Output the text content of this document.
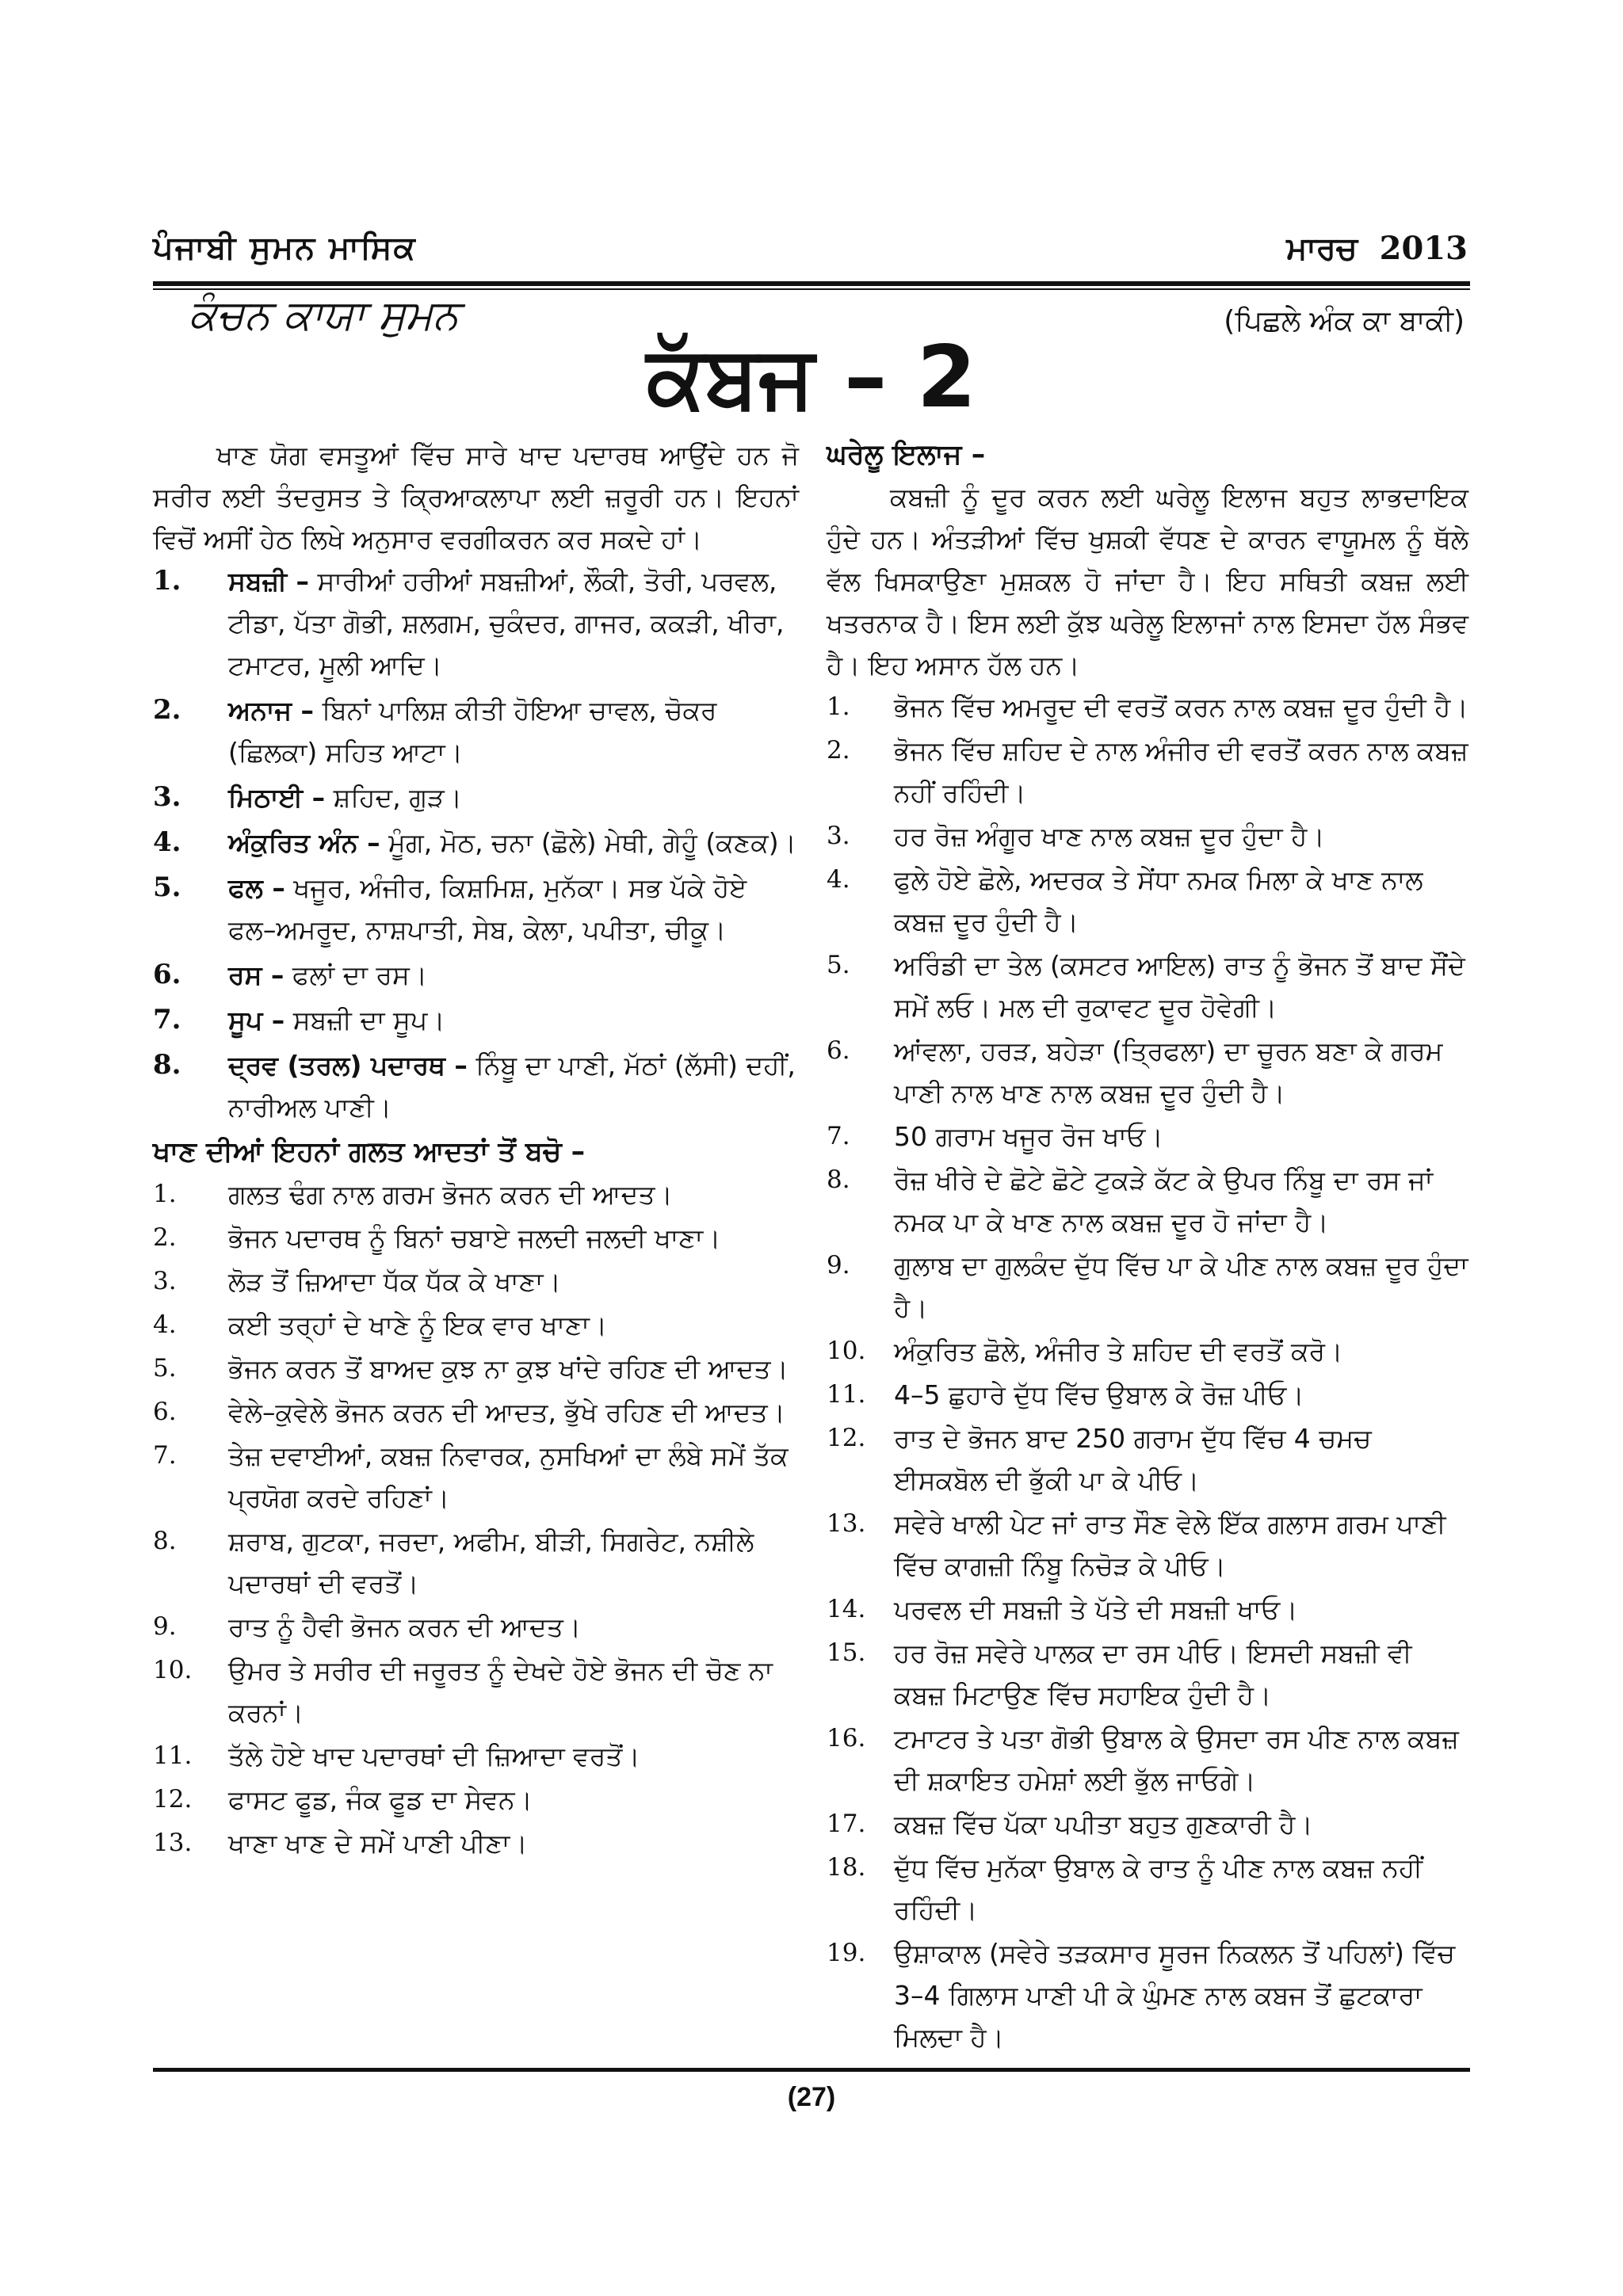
ਪੰਜਾਬੀ ਸੁਮਨ ਮਾਸਿਕ	ਮਾਰਚ 2013
ਕੰਚਨ ਕਾਯਾ ਸੁਮਨ	(ਪਿਛਲੇ ਅੰਕ ਕਾ ਬਾਕੀ)
ਕੱਬਜ – 2

ਖਾਣ ਯੋਗ ਵਸਤੂਆਂ ਵਿੱਚ ਸਾਰੇ ਖਾਦ ਪਦਾਰਥ ਆਉਂਦੇ ਹਨ ਜੋ ਸਰੀਰ ਲਈ ਤੰਦਰੁਸਤ ਤੇ ਕ੍ਰਿਆਕਲਾਪਾ ਲਈ ਜ਼ਰੂਰੀ ਹਨ। ਇਹਨਾਂ ਵਿਚੋਂ ਅਸੀਂ ਹੇਠ ਲਿਖੇ ਅਨੁਸਾਰ ਵਰਗੀਕਰਨ ਕਰ ਸਕਦੇ ਹਾਂ।

1. ਸਬਜ਼ੀ – ਸਾਰੀਆਂ ਹਰੀਆਂ ਸਬਜ਼ੀਆਂ, ਲੌਕੀ, ਤੋਰੀ, ਪਰਵਲ, ਟੀਡਾ, ਪੱਤਾ ਗੋਭੀ, ਸ਼ਲਗਮ, ਚੁਕੰਦਰ, ਗਾਜਰ, ਕਕੜੀ, ਖੀਰਾ, ਟਮਾਟਰ, ਮੂਲੀ ਆਦਿ।
2. ਅਨਾਜ – ਬਿਨਾਂ ਪਾਲਿਸ਼ ਕੀਤੀ ਹੋਇਆ ਚਾਵਲ, ਚੋਕਰ (ਛਿਲਕਾ) ਸਹਿਤ ਆਟਾ।
3. ਮਿਠਾਈ – ਸ਼ਹਿਦ, ਗੁੜ।
4. ਅੰਕੁਰਿਤ ਅੰਨ – ਮੂੰਗ, ਮੋਠ, ਚਨਾ (ਛੋਲੇ) ਮੇਥੀ, ਗੇਹੂੰ (ਕਣਕ)।
5. ਫਲ – ਖਜੂਰ, ਅੰਜੀਰ, ਕਿਸ਼ਮਿਸ਼, ਮੁਨੱਕਾ। ਸਭ ਪੱਕੇ ਹੋਏ ਫਲ–ਅਮਰੂਦ, ਨਾਸ਼ਪਾਤੀ, ਸੇਬ, ਕੇਲਾ, ਪਪੀਤਾ, ਚੀਕੂ।
6. ਰਸ – ਫਲਾਂ ਦਾ ਰਸ।
7. ਸੂਪ – ਸਬਜ਼ੀ ਦਾ ਸੂਪ।
8. ਦ੍ਰਵ (ਤਰਲ) ਪਦਾਰਥ – ਨਿੰਬੂ ਦਾ ਪਾਣੀ, ਮੱਠਾਂ (ਲੱਸੀ) ਦਹੀਂ, ਨਾਰੀਅਲ ਪਾਣੀ।

ਖਾਣ ਦੀਆਂ ਇਹਨਾਂ ਗਲਤ ਆਦਤਾਂ ਤੋਂ ਬਚੋ –

1. ਗਲਤ ਢੰਗ ਨਾਲ ਗਰਮ ਭੋਜਨ ਕਰਨ ਦੀ ਆਦਤ।
2. ਭੋਜਨ ਪਦਾਰਥ ਨੂੰ ਬਿਨਾਂ ਚਬਾਏ ਜਲਦੀ ਜਲਦੀ ਖਾਣਾ।
3. ਲੋੜ ਤੋਂ ਜ਼ਿਆਦਾ ਧੱਕ ਧੱਕ ਕੇ ਖਾਣਾ।
4. ਕਈ ਤਰ੍ਹਾਂ ਦੇ ਖਾਣੇ ਨੂੰ ਇਕ ਵਾਰ ਖਾਣਾ।
5. ਭੋਜਨ ਕਰਨ ਤੋਂ ਬਾਅਦ ਕੁਝ ਨਾ ਕੁਝ ਖਾਂਦੇ ਰਹਿਣ ਦੀ ਆਦਤ।
6. ਵੇਲੇ–ਕੁਵੇਲੇ ਭੋਜਨ ਕਰਨ ਦੀ ਆਦਤ, ਭੁੱਖੇ ਰਹਿਣ ਦੀ ਆਦਤ।
7. ਤੇਜ਼ ਦਵਾਈਆਂ, ਕਬਜ਼ ਨਿਵਾਰਕ, ਨੁਸਖਿਆਂ ਦਾ ਲੰਬੇ ਸਮੇਂ ਤੱਕ ਪ੍ਰਯੋਗ ਕਰਦੇ ਰਹਿਣਾਂ।
8. ਸ਼ਰਾਬ, ਗੁਟਕਾ, ਜਰਦਾ, ਅਫੀਮ, ਬੀੜੀ, ਸਿਗਰੇਟ, ਨਸ਼ੀਲੇ ਪਦਾਰਥਾਂ ਦੀ ਵਰਤੋਂ।
9. ਰਾਤ ਨੂੰ ਹੈਵੀ ਭੋਜਨ ਕਰਨ ਦੀ ਆਦਤ।
10. ਉਮਰ ਤੇ ਸਰੀਰ ਦੀ ਜਰੂਰਤ ਨੂੰ ਦੇਖਦੇ ਹੋਏ ਭੋਜਨ ਦੀ ਚੋਣ ਨਾ ਕਰਨਾਂ।
11. ਤੱਲੇ ਹੋਏ ਖਾਦ ਪਦਾਰਥਾਂ ਦੀ ਜ਼ਿਆਦਾ ਵਰਤੋਂ।
12. ਫਾਸਟ ਫੂਡ, ਜੰਕ ਫੂਡ ਦਾ ਸੇਵਨ।
13. ਖਾਣਾ ਖਾਣ ਦੇ ਸਮੇਂ ਪਾਣੀ ਪੀਣਾ।

ਘਰੇਲੂ ਇਲਾਜ –

ਕਬਜ਼ੀ ਨੂੰ ਦੂਰ ਕਰਨ ਲਈ ਘਰੇਲੂ ਇਲਾਜ ਬਹੁਤ ਲਾਭਦਾਇਕ ਹੁੰਦੇ ਹਨ। ਅੰਤੜੀਆਂ ਵਿੱਚ ਖੁਸ਼ਕੀ ਵੱਧਣ ਦੇ ਕਾਰਨ ਵਾਯੂਮਲ ਨੂੰ ਥੱਲੇ ਵੱਲ ਖਿਸਕਾਉਣਾ ਮੁਸ਼ਕਲ ਹੋ ਜਾਂਦਾ ਹੈ। ਇਹ ਸਥਿਤੀ ਕਬਜ਼ ਲਈ ਖਤਰਨਾਕ ਹੈ। ਇਸ ਲਈ ਕੁੱਝ ਘਰੇਲੂ ਇਲਾਜਾਂ ਨਾਲ ਇਸਦਾ ਹੱਲ ਸੰਭਵ ਹੈ। ਇਹ ਅਸਾਨ ਹੱਲ ਹਨ।

1. ਭੋਜਨ ਵਿੱਚ ਅਮਰੂਦ ਦੀ ਵਰਤੋਂ ਕਰਨ ਨਾਲ ਕਬਜ਼ ਦੂਰ ਹੁੰਦੀ ਹੈ।
2. ਭੋਜਨ ਵਿੱਚ ਸ਼ਹਿਦ ਦੇ ਨਾਲ ਅੰਜੀਰ ਦੀ ਵਰਤੋਂ ਕਰਨ ਨਾਲ ਕਬਜ਼ ਨਹੀਂ ਰਹਿੰਦੀ।
3. ਹਰ ਰੋਜ਼ ਅੰਗੂਰ ਖਾਣ ਨਾਲ ਕਬਜ਼ ਦੂਰ ਹੁੰਦਾ ਹੈ।
4. ਫੁਲੇ ਹੋਏ ਛੋਲੇ, ਅਦਰਕ ਤੇ ਸੇਂਧਾ ਨਮਕ ਮਿਲਾ ਕੇ ਖਾਣ ਨਾਲ ਕਬਜ਼ ਦੂਰ ਹੁੰਦੀ ਹੈ।
5. ਅਰਿੰਡੀ ਦਾ ਤੇਲ (ਕਸਟਰ ਆਇਲ) ਰਾਤ ਨੂੰ ਭੋਜਨ ਤੋਂ ਬਾਦ ਸੌਂਦੇ ਸਮੇਂ ਲਓ। ਮਲ ਦੀ ਰੁਕਾਵਟ ਦੂਰ ਹੋਵੇਗੀ।
6. ਆਂਵਲਾ, ਹਰੜ, ਬਹੇੜਾ (ਤ੍ਰਿਫਲਾ) ਦਾ ਚੂਰਨ ਬਣਾ ਕੇ ਗਰਮ ਪਾਣੀ ਨਾਲ ਖਾਣ ਨਾਲ ਕਬਜ਼ ਦੂਰ ਹੁੰਦੀ ਹੈ।
7. 50 ਗਰਾਮ ਖਜੂਰ ਰੋਜ ਖਾਓ।
8. ਰੋਜ਼ ਖੀਰੇ ਦੇ ਛੋਟੇ ਛੋਟੇ ਟੁਕੜੇ ਕੱਟ ਕੇ ਉਪਰ ਨਿੰਬੂ ਦਾ ਰਸ ਜਾਂ ਨਮਕ ਪਾ ਕੇ ਖਾਣ ਨਾਲ ਕਬਜ਼ ਦੂਰ ਹੋ ਜਾਂਦਾ ਹੈ।
9. ਗੁਲਾਬ ਦਾ ਗੁਲਕੰਦ ਦੁੱਧ ਵਿੱਚ ਪਾ ਕੇ ਪੀਣ ਨਾਲ ਕਬਜ਼ ਦੂਰ ਹੁੰਦਾ ਹੈ।
10. ਅੰਕੁਰਿਤ ਛੋਲੇ, ਅੰਜੀਰ ਤੇ ਸ਼ਹਿਦ ਦੀ ਵਰਤੋਂ ਕਰੋ।
11. 4–5 ਛੁਹਾਰੇ ਦੁੱਧ ਵਿੱਚ ਉਬਾਲ ਕੇ ਰੋਜ਼ ਪੀਓ।
12. ਰਾਤ ਦੇ ਭੋਜਨ ਬਾਦ 250 ਗਰਾਮ ਦੁੱਧ ਵਿੱਚ 4 ਚਮਚ ਈਸਕਬੋਲ ਦੀ ਭੁੱਕੀ ਪਾ ਕੇ ਪੀਓ।
13. ਸਵੇਰੇ ਖਾਲੀ ਪੇਟ ਜਾਂ ਰਾਤ ਸੌਣ ਵੇਲੇ ਇੱਕ ਗਲਾਸ ਗਰਮ ਪਾਣੀ ਵਿੱਚ ਕਾਗਜ਼ੀ ਨਿੰਬੂ ਨਿਚੋੜ ਕੇ ਪੀਓ।
14. ਪਰਵਲ ਦੀ ਸਬਜ਼ੀ ਤੇ ਪੱਤੇ ਦੀ ਸਬਜ਼ੀ ਖਾਓ।
15. ਹਰ ਰੋਜ਼ ਸਵੇਰੇ ਪਾਲਕ ਦਾ ਰਸ ਪੀਓ। ਇਸਦੀ ਸਬਜ਼ੀ ਵੀ ਕਬਜ਼ ਮਿਟਾਉਣ ਵਿੱਚ ਸਹਾਇਕ ਹੁੰਦੀ ਹੈ।
16. ਟਮਾਟਰ ਤੇ ਪਤਾ ਗੋਭੀ ਉਬਾਲ ਕੇ ਉਸਦਾ ਰਸ ਪੀਣ ਨਾਲ ਕਬਜ਼ ਦੀ ਸ਼ਕਾਇਤ ਹਮੇਸ਼ਾਂ ਲਈ ਭੁੱਲ ਜਾਓਗੇ।
17. ਕਬਜ਼ ਵਿੱਚ ਪੱਕਾ ਪਪੀਤਾ ਬਹੁਤ ਗੁਣਕਾਰੀ ਹੈ।
18. ਦੁੱਧ ਵਿੱਚ ਮੁਨੱਕਾ ਉਬਾਲ ਕੇ ਰਾਤ ਨੂੰ ਪੀਣ ਨਾਲ ਕਬਜ਼ ਨਹੀਂ ਰਹਿੰਦੀ।
19. ਉਸ਼ਾਕਾਲ (ਸਵੇਰੇ ਤੜਕਸਾਰ ਸੂਰਜ ਨਿਕਲਨ ਤੋਂ ਪਹਿਲਾਂ) ਵਿੱਚ 3–4 ਗਿਲਾਸ ਪਾਣੀ ਪੀ ਕੇ ਘੁੰਮਣ ਨਾਲ ਕਬਜ ਤੋਂ ਛੁਟਕਾਰਾ ਮਿਲਦਾ ਹੈ।
(27)
